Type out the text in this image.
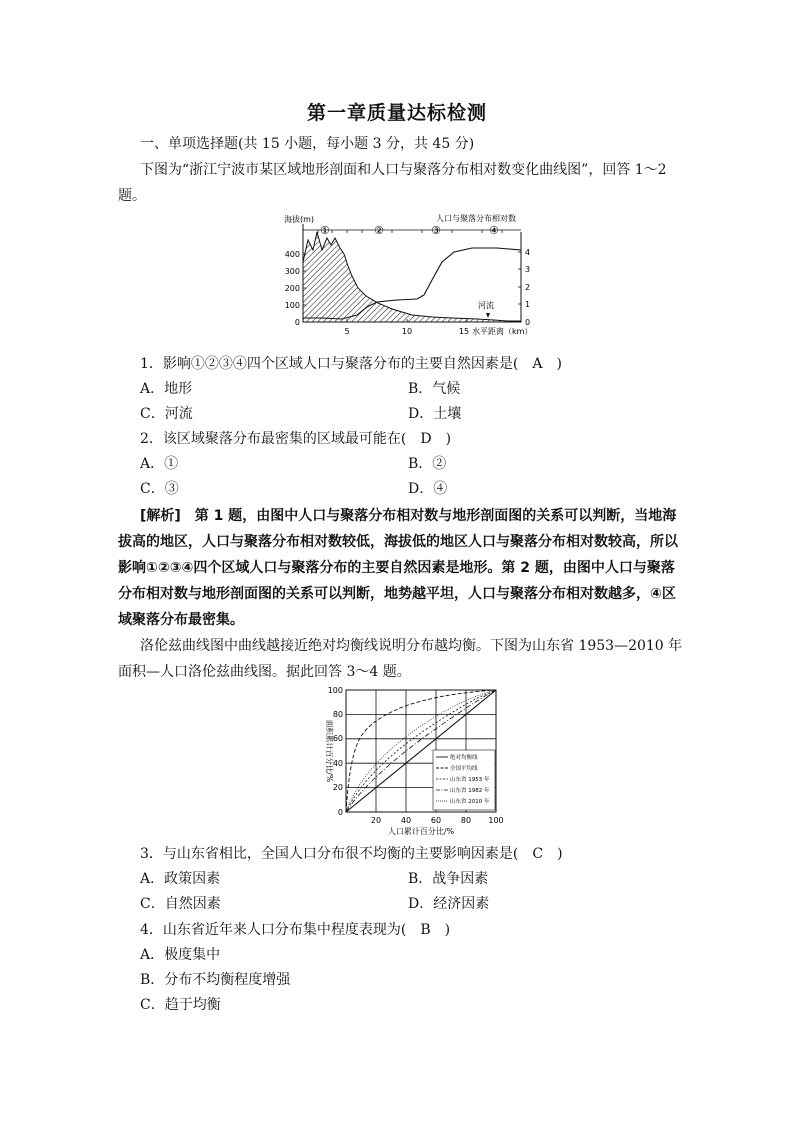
第一章质量达标检测
一、单项选择题(共 15 小题，每小题 3 分，共 45 分)
下图为“浙江宁波市某区域地形剖面和人口与聚落分布相对数变化曲线图”，回答 1～2
题。
海拔(m)	人口与聚落分布相对数
400
300
200
100
0
4
3
2
1
0
5	10	15 水平距离（km）
①	②	③	④
河流
1．影响①②③④四个区域人口与聚落分布的主要自然因素是(　A　)
A．地形	B．气候
C．河流	D．土壤
2．该区域聚落分布最密集的区域最可能在(　D　)
A．①	B．②
C．③	D．④
[解析]　第 1 题，由图中人口与聚落分布相对数与地形剖面图的关系可以判断，当地海
拔高的地区，人口与聚落分布相对数较低，海拔低的地区人口与聚落分布相对数较高，所以
影响①②③④四个区域人口与聚落分布的主要自然因素是地形。第 2 题，由图中人口与聚落
分布相对数与地形剖面图的关系可以判断，地势越平坦，人口与聚落分布相对数越多，④区
域聚落分布最密集。
洛伦兹曲线图中曲线越接近绝对均衡线说明分布越均衡。下图为山东省 1953—2010 年
面积—人口洛伦兹曲线图。据此回答 3～4 题。
绝对均衡线
全国平均线
山东省 1953 年
山东省 1982 年
山东省 2010 年
100
80
60
40
20
0
20 40 60 80 100
人口累计百分比/%
面积累计百分比/%
3．与山东省相比，全国人口分布很不均衡的主要影响因素是(　C　)
A．政策因素	B．战争因素
C．自然因素	D．经济因素
4．山东省近年来人口分布集中程度表现为(　B　)
A．极度集中
B．分布不均衡程度增强
C．趋于均衡
